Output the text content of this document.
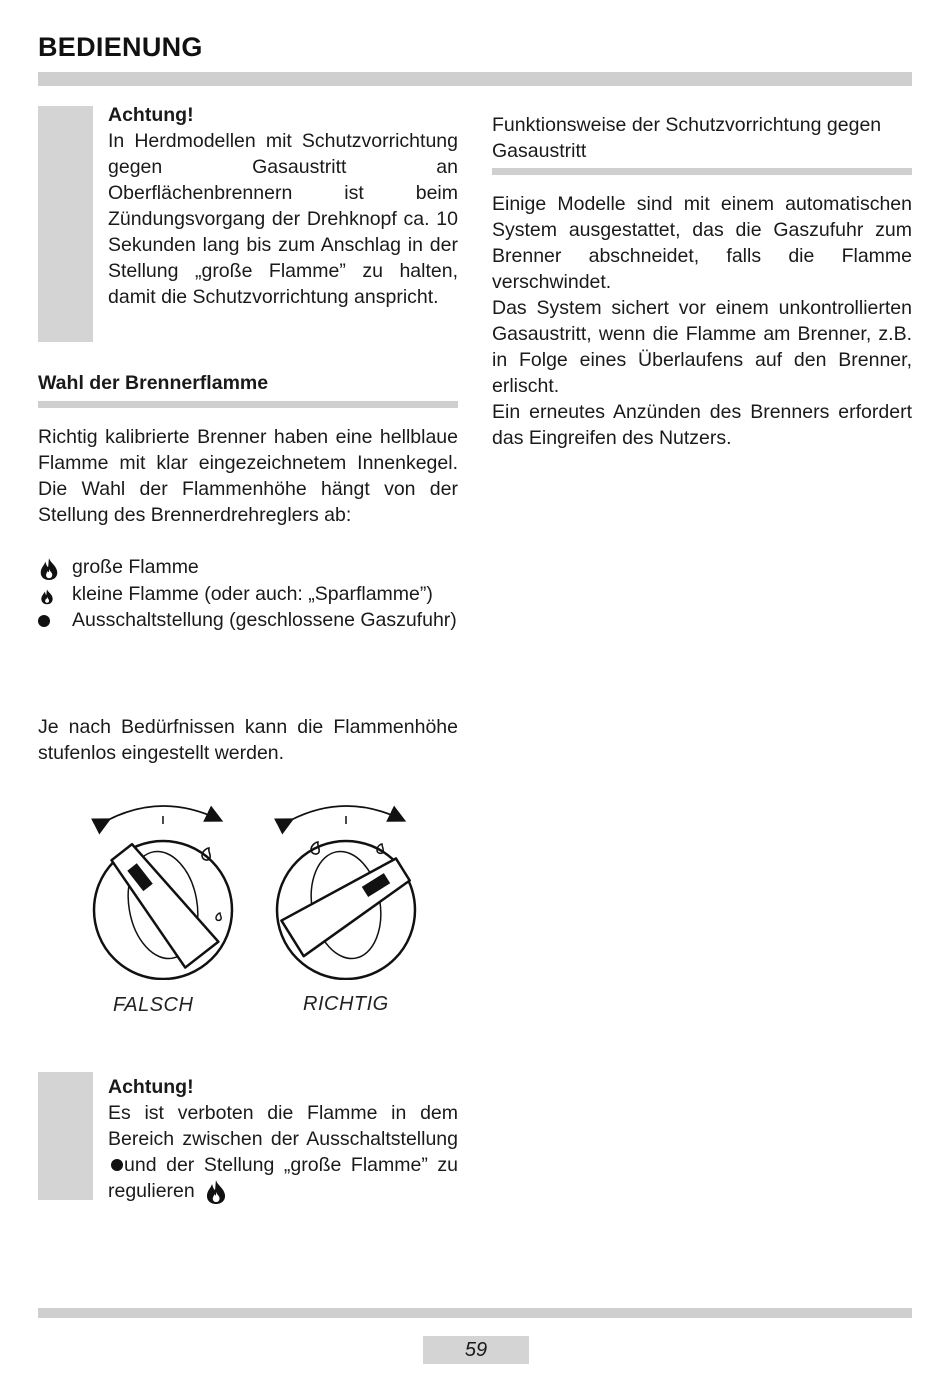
BEDIENUNG

Achtung!

In Herdmodellen mit Schutzvorrichtung gegen Gasaustritt an Oberflächenbrennern ist beim Zündungsvorgang der Drehknopf ca. 10 Sekunden lang bis zum Anschlag in der Stellung „große Flamme” zu halten, damit die Schutzvorrichtung anspricht.

Wahl der Brennerflamme
Richtig kalibrierte Brenner haben eine hellblaue Flamme mit klar eingezeichnetem Innenkegel. Die Wahl der Flammenhöhe hängt von der Stellung des Brennerdrehreglers ab:
große Flamme
kleine Flamme (oder auch: „Sparflamme”)
Ausschaltstellung (geschlossene Gaszufuhr)
Je nach Bedürfnissen kann die Flammenhöhe stufenlos eingestellt werden.
FALSCH	RICHTIG

Achtung!

Es ist verboten die Flamme in dem Bereich zwischen der Ausschaltstellung und der Stellung „große Flamme” zu regulieren

Funktionsweise der Schutzvorrichtung gegen Gasaustritt

Einige Modelle sind mit einem automatischen System ausgestattet, das die Gaszufuhr zum Brenner abschneidet, falls die Flamme verschwindet.

Das System sichert vor einem unkontrollierten Gasaustritt, wenn die Flamme am Brenner, z.B. in Folge eines Überlaufens auf den Brenner, erlischt.

Ein erneutes Anzünden des Brenners erfordert das Eingreifen des Nutzers.

59
